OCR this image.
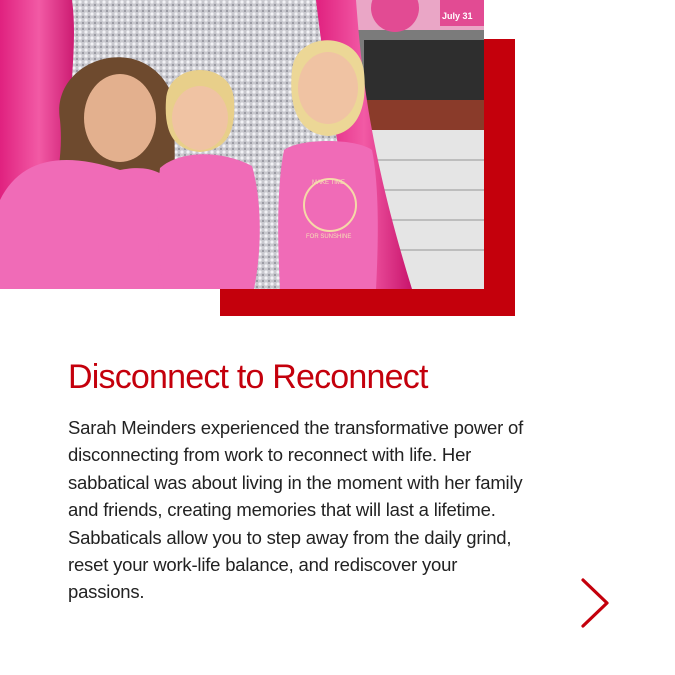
July 31
MAKE TIME
FOR SUNSHINE
Disconnect to Reconnect

Sarah Meinders experienced the transformative power of disconnecting from work to reconnect with life. Her sabbatical was about living in the moment with her family and friends, creating memories that will last a lifetime. Sabbaticals allow you to step away from the daily grind, reset your work-life balance, and rediscover your passions.
